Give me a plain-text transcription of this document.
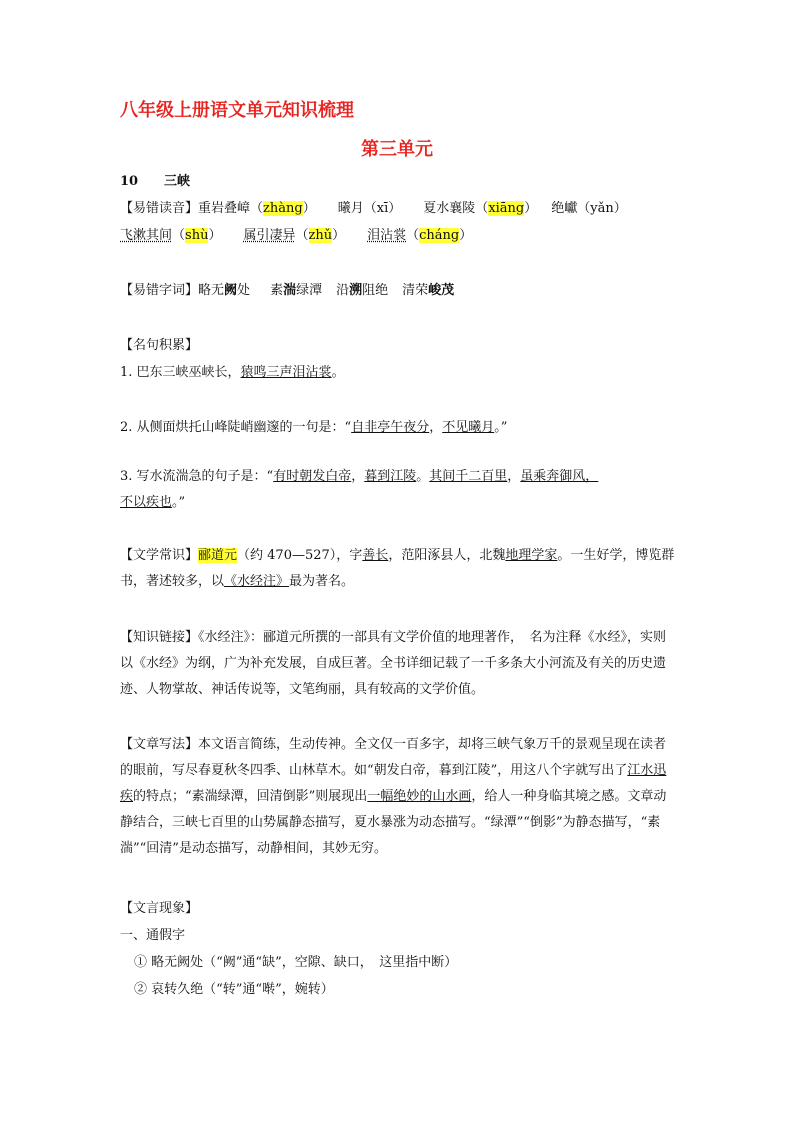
八年级上册语文单元知识梳理
第三单元
10 三峡
【易错读音】重岩叠嶂（zhàng） 曦月（xī） 夏水襄陵（xiāng） 绝巘（yǎn）
飞漱其间（shù） 属引凄异（zhǔ） 泪沾裳（cháng）
【易错字词】略无阙处 素湍绿潭 沿溯阻绝 清荣峻茂
【名句积累】
1. 巴东三峡巫峡长，猿鸣三声泪沾裳。
2. 从侧面烘托山峰陡峭幽邃的一句是：“自非亭午夜分，不见曦月。”
3. 写水流湍急的句子是：“有时朝发白帝，暮到江陵。其间千二百里，虽乘奔御风，
不以疾也。”
【文学常识】郦道元（约 470—527），字善长，范阳涿县人，北魏地理学家。一生好学，博览群书，著述较多，以《水经注》最为著名。
【知识链接】《水经注》：郦道元所撰的一部具有文学价值的地理著作，　名为注释《水经》，实则以《水经》为纲，广为补充发展，自成巨著。全书详细记载了一千多条大小河流及有关的历史遗迹、人物掌故、神话传说等，文笔绚丽，具有较高的文学价值。
【文章写法】本文语言简练，生动传神。全文仅一百多字，却将三峡气象万千的景观呈现在读者的眼前，写尽春夏秋冬四季、山林草木。如“朝发白帝，暮到江陵”，用这八个字就写出了江水迅疾的特点；“素湍绿潭，回清倒影”则展现出一幅绝妙的山水画，给人一种身临其境之感。文章动静结合，三峡七百里的山势属静态描写，夏水暴涨为动态描写。“绿潭”“倒影”为静态描写，“素湍”“回清”是动态描写，动静相间，其妙无穷。
【文言现象】
一、通假字
① 略无阙处（“阙”通“缺”，空隙、缺口，　这里指中断）
② 哀转久绝（“转”通“啭”，婉转）
